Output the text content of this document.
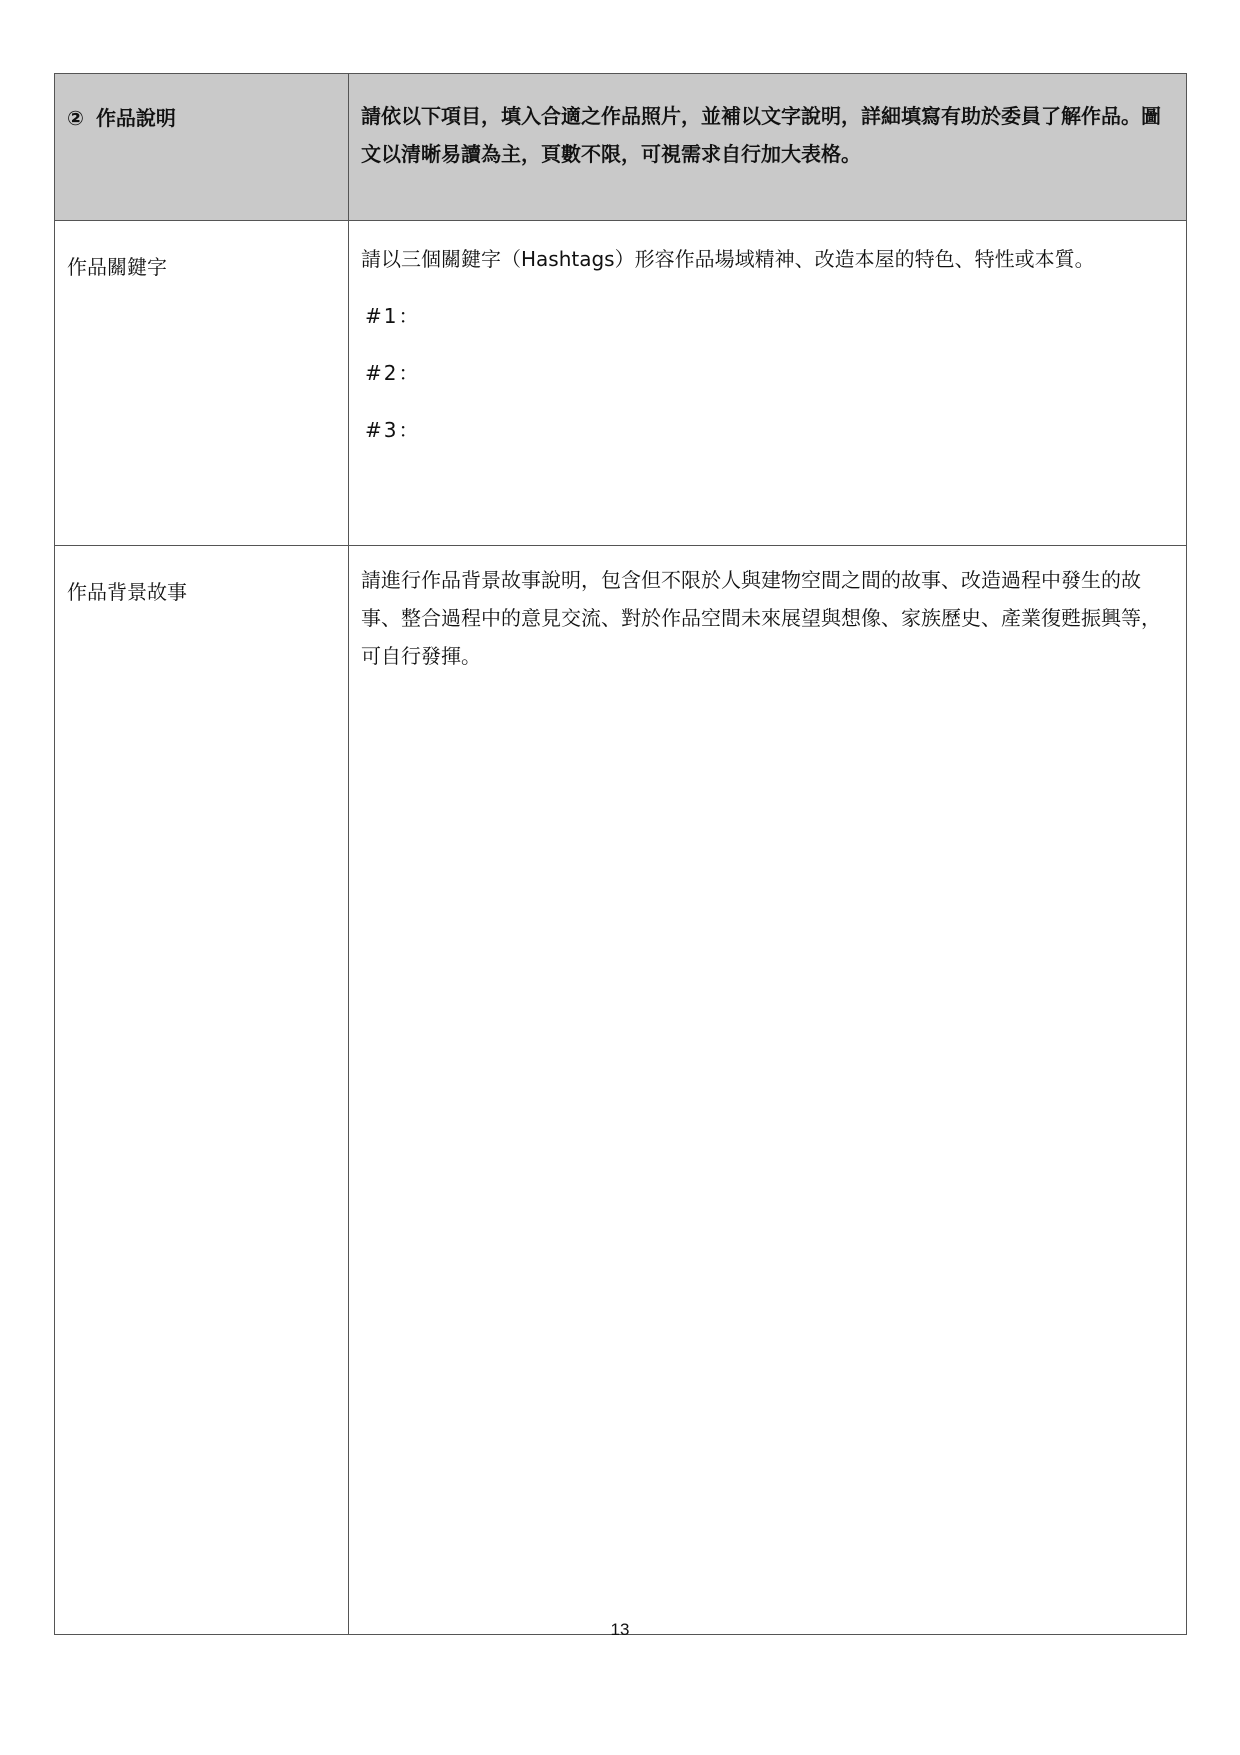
② 作品說明	請依以下項目，填入合適之作品照片，並補以文字說明，詳細填寫有助於委員了解作品。圖文以清晰易讀為主，頁數不限，可視需求自行加大表格。
作品關鍵字	請以三個關鍵字（Hashtags）形容作品場域精神、改造本屋的特色、特性或本質。
#1：
#2：
#3：

作品背景故事	請進行作品背景故事說明，包含但不限於人與建物空間之間的故事、改造過程中發生的故事、整合過程中的意見交流、對於作品空間未來展望與想像、家族歷史、產業復甦振興等，可自行發揮。
13
